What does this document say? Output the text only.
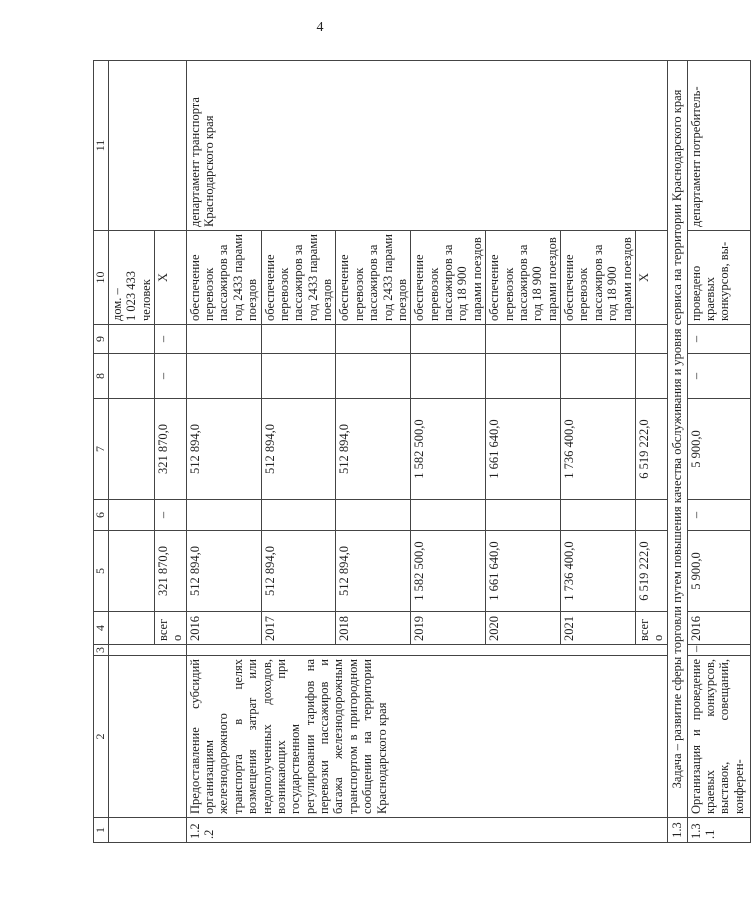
4
1	2	3	4	5	6	7	8	9	10	11
									дом. –
1 023 433
человек	
			всего	321 870,0	–	321 870,0	–	–	X	
1.2.2	Предоставление субсидий организациям железнодорожного транспорта в целях возмещения затрат или недополученных доходов, возникающих при государственном регулировании тарифов на перевозки пассажиров и багажа железнодорожным транспортом в пригородном сообщении на территории Краснодарского края		2016	512 894,0		512 894,0			обеспечение перевозок пассажиров за год 2433 парами поездов	департамент транспорта Краснодарского края
			2017	512 894,0		512 894,0			обеспечение перевозок пассажиров за год 2433 парами поездов	
			2018	512 894,0		512 894,0			обеспечение перевозок пассажиров за год 2433 парами поездов	
			2019	1 582 500,0		1 582 500,0			обеспечение перевозок пассажиров за год 18 900 парами поездов	
			2020	1 661 640,0		1 661 640,0			обеспечение перевозок пассажиров за год 18 900 парами поездов	
			2021	1 736 400,0		1 736 400,0			обеспечение перевозок пассажиров за год 18 900 парами поездов	
			всего	6 519 222,0		6 519 222,0			X	
1.3	Задача – развитие сферы торговли путем повышения качества обслуживания и уровня сервиса на территории Краснодарского края									
1.3.1	Организация и проведение краевых конкурсов, выставок, совещаний, конферен-	–	2016	5 900,0	–	5 900,0	–	–	проведено краевых конкурсов, вы-	департамент потребитель-
